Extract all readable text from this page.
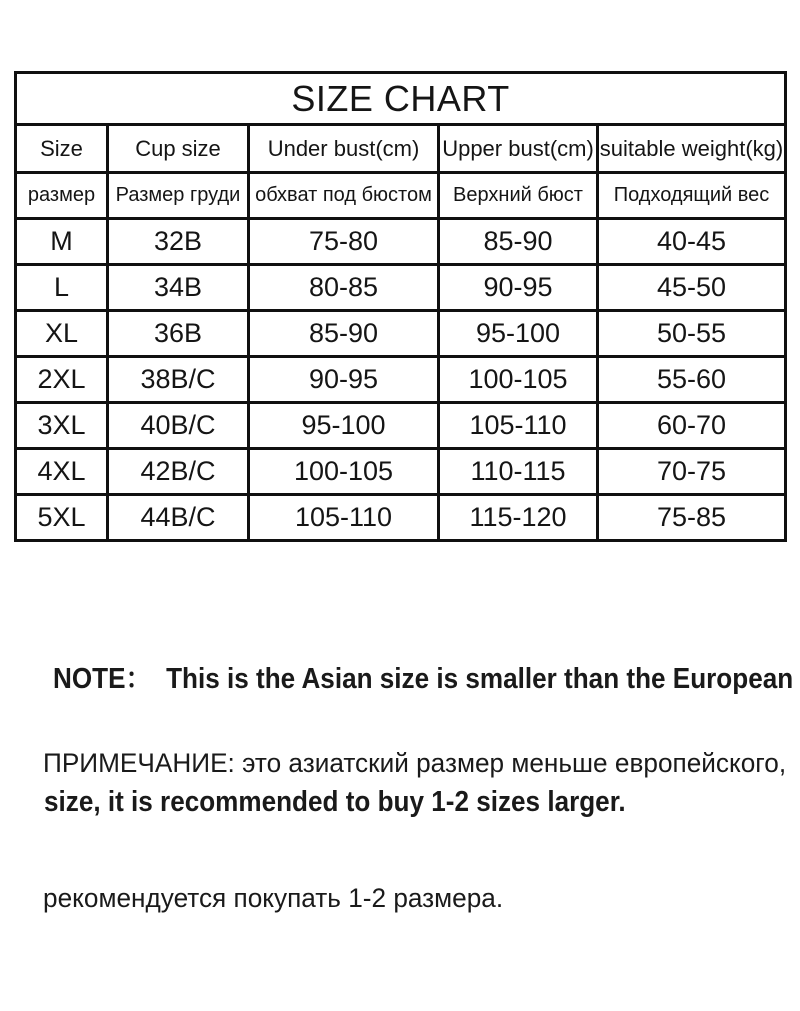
SIZE CHART				
Size	Cup size	Under bust(cm)	Upper bust(cm)	suitable weight(kg)
размер	Размер груди	обхват под бюстом	Верхний бюст	Подходящий вес
M	32B	75-80	85-90	40-45
L	34B	80-85	90-95	45-50
XL	36B	85-90	95-100	50-55
2XL	38B/C	90-95	100-105	55-60
3XL	40B/C	95-100	105-110	60-70
4XL	42B/C	100-105	110-115	70-75
5XL	44B/C	105-110	115-120	75-85

NOTE：  This is the Asian size is smaller than the European

size, it is recommended to buy 1-2 sizes larger.

ПРИМЕЧАНИЕ: это азиатский размер меньше европейского,

рекомендуется покупать 1-2 размера.
